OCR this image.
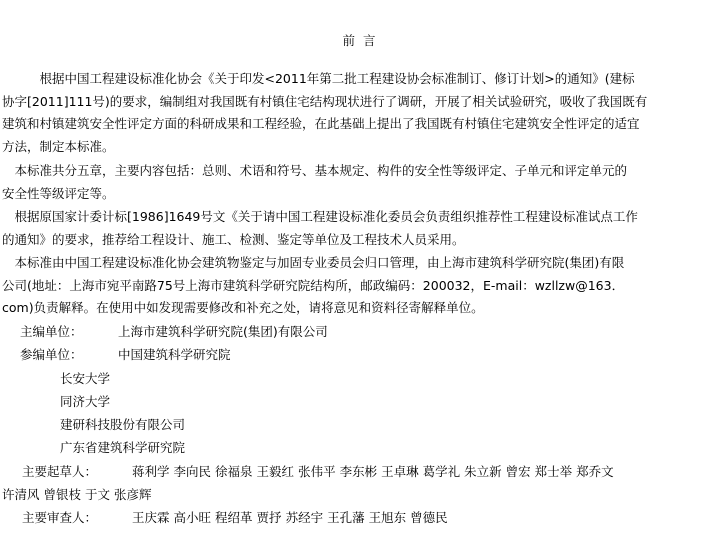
前 言
　　　根据中国工程建设标准化协会《关于印发<2011年第二批工程建设协会标准制订、修订计划>的通知》(建标
协字[2011]111号)的要求，编制组对我国既有村镇住宅结构现状进行了调研，开展了相关试验研究，吸收了我国既有
建筑和村镇建筑安全性评定方面的科研成果和工程经验，在此基础上提出了我国既有村镇住宅建筑安全性评定的适宜
方法，制定本标准。
　本标准共分五章，主要内容包括：总则、术语和符号、基本规定、构件的安全性等级评定、子单元和评定单元的
安全性等级评定等。
　根据原国家计委计标[1986]1649号文《关于请中国工程建设标准化委员会负责组织推荐性工程建设标准试点工作
的通知》的要求，推荐给工程设计、施工、检测、鉴定等单位及工程技术人员采用。
　本标准由中国工程建设标准化协会建筑物鉴定与加固专业委员会归口管理，由上海市建筑科学研究院(集团)有限
公司(地址：上海市宛平南路75号上海市建筑科学研究院结构所，邮政编码：200032，E-mail：wzllzw@163．
com)负责解释。在使用中如发现需要修改和补充之处，请将意见和资料径寄解释单位。
主编单位：	上海市建筑科学研究院(集团)有限公司
参编单位：	中国建筑科学研究院
长安大学
同济大学
建研科技股份有限公司
广东省建筑科学研究院
主要起草人：	蒋利学 李向民 徐福泉 王毅红 张伟平 李东彬 王卓琳 葛学礼 朱立新 曾宏 郑士举 郑乔文
许清风 曾银枝 于文 张彦辉
主要审查人：	王庆霖 高小旺 程绍革 贾抒 苏经宇 王孔藩 王旭东 曾德民
